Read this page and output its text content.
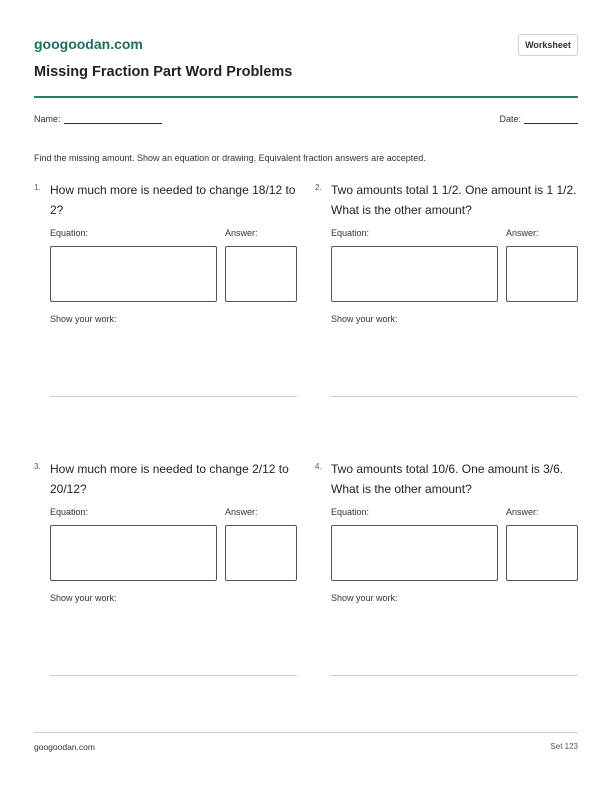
googoodan.com	Worksheet
Missing Fraction Part Word Problems
Name:	Date:
Find the missing amount. Show an equation or drawing. Equivalent fraction answers are accepted.
1. How much more is needed to change 18/12 to 2?
Equation:	Answer:
Show your work:
2. Two amounts total 1 1/2. One amount is 1 1/2. What is the other amount?
Equation:	Answer:
Show your work:
3. How much more is needed to change 2/12 to 20/12?
Equation:	Answer:
Show your work:
4. Two amounts total 10/6. One amount is 3/6. What is the other amount?
Equation:	Answer:
Show your work:
googoodan.com	Set 123
